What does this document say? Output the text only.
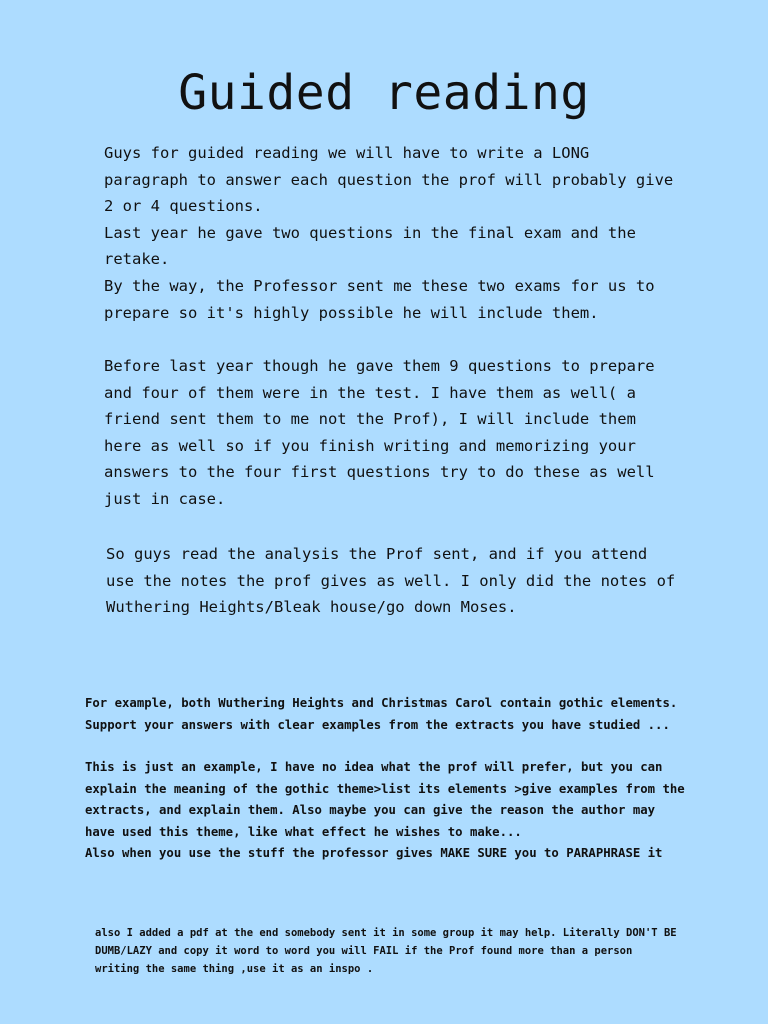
Guided reading
Guys for guided reading we will have to write a LONG
paragraph to answer each question the prof will probably give
2 or 4 questions.
Last year he gave two questions in the final exam and the
retake.
By the way, the Professor sent me these two exams for us to
prepare so it's highly possible he will include them.
Before last year though he gave them 9 questions to prepare
and four of them were in the test. I have them as well( a
friend sent them to me not the Prof), I will include them
here as well so if you finish writing and memorizing your
answers to the four first questions try to do these as well
just in case.
So guys read the analysis the Prof sent, and if you attend
use the notes the prof gives as well. I only did the notes of
Wuthering Heights/Bleak house/go down Moses.
For example, both Wuthering Heights and Christmas Carol contain gothic elements.
Support your answers with clear examples from the extracts you have studied ...
This is just an example, I have no idea what the prof will prefer, but you can
explain the meaning of the gothic theme>list its elements >give examples from the
extracts, and explain them. Also maybe you can give the reason the author may
have used this theme, like what effect he wishes to make...
Also when you use the stuff the professor gives MAKE SURE you to PARAPHRASE it
also I added a pdf at the end somebody sent it in some group it may help. Literally DON'T BE
DUMB/LAZY and copy it word to word you will FAIL if the Prof found more than a person
writing the same thing ,use it as an inspo .
